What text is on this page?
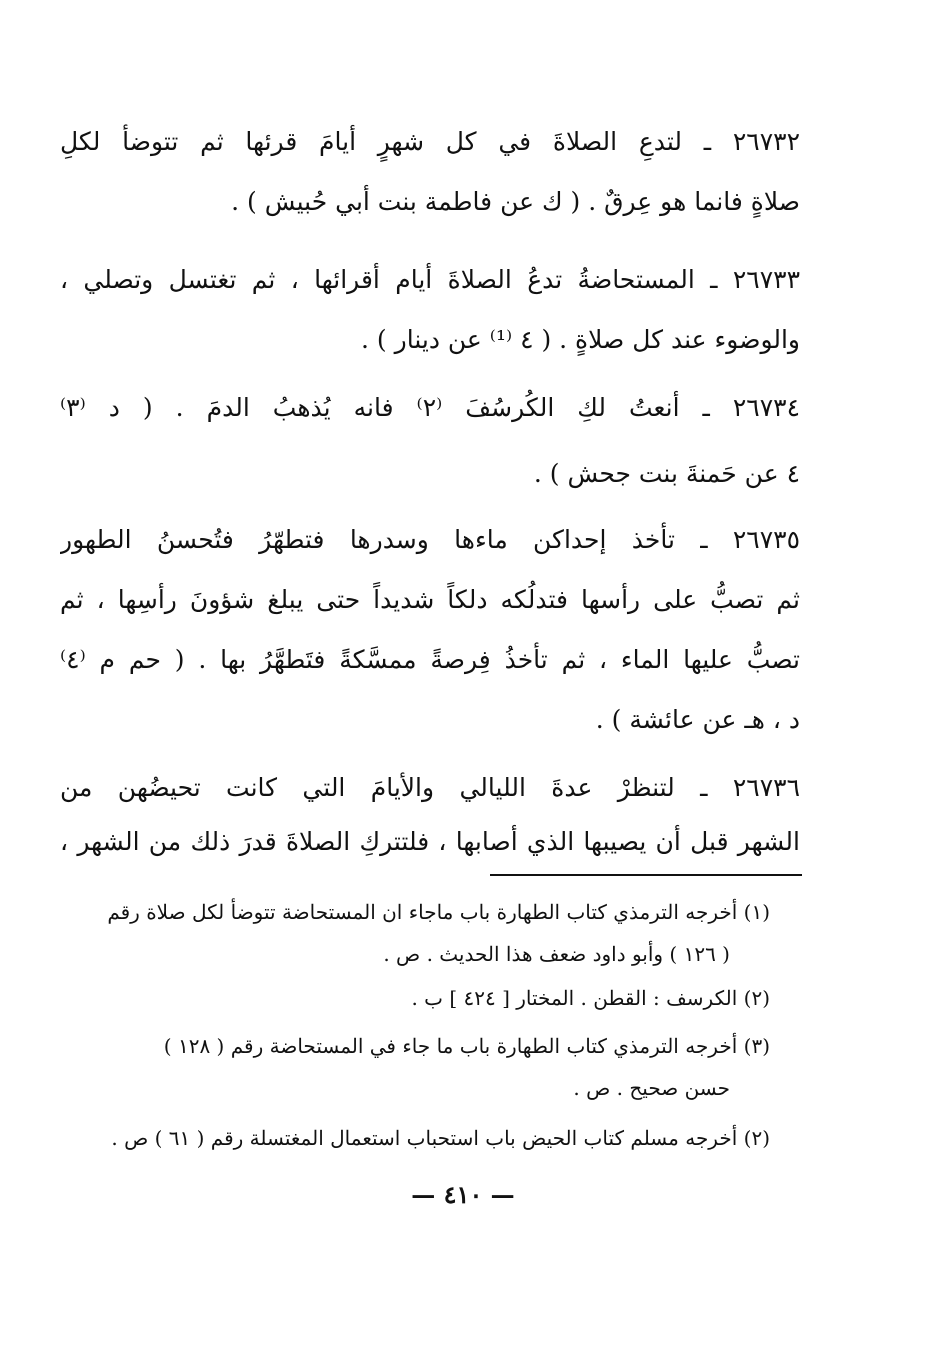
٢٦٧٣٢ ـ لتدعِ الصلاةَ في كل شهرٍ أيامَ قرئها ثم تتوضأ لكلِ
صلاةٍ فانما هو عِرقٌ . ( ك عن فاطمة بنت أبي حُبيش ) .
٢٦٧٣٣ ـ المستحاضةُ تدعُ الصلاةَ أيام أقرائها ، ثم تغتسل وتصلي ،
والوضوء عند كل صلاةٍ . ( ٤ ⁽¹⁾ عن دينار ) .
٢٦٧٣٤ ـ أنعتُ لكِ الكُرسُفَ ⁽٢⁾ فانه يُذهبُ الدمَ . ( د ⁽٣⁾
٤ عن حَمنةَ بنت جحش ) .
٢٦٧٣٥ ـ تأخذ إحداكن ماءها وسدرها فتطهّرُ فتُحسنُ الطهور
ثم تصبُّ على رأسها فتدلُكه دلكاً شديداً حتى يبلغ شؤونَ رأسِها ، ثم
تصبُّ عليها الماء ، ثم تأخذُ فِرصةً ممسَّكةً فتَطهَّرُ بها . ( حم م ⁽٤⁾
د ، هـ عن عائشة ) .
٢٦٧٣٦ ـ لتنظرْ عدةَ الليالي والأيامَ التي كانت تحيضُهن من
الشهر قبل أن يصيبها الذي أصابها ، فلتتركِ الصلاةَ قدرَ ذلك من الشهر ،
(١) أخرجه الترمذي كتاب الطهارة باب ماجاء ان المستحاضة تتوضأ لكل صلاة رقم
( ١٢٦ ) وأبو داود ضعف هذا الحديث . ص .
(٢) الكرسف : القطن . المختار [ ٤٢٤ ] ب .
(٣) أخرجه الترمذي كتاب الطهارة باب ما جاء في المستحاضة رقم ( ١٢٨ )
حسن صحيح . ص .
(٢) أخرجه مسلم كتاب الحيض باب استحباب استعمال المغتسلة رقم ( ٦١ ) ص .
— ٤١٠ —
